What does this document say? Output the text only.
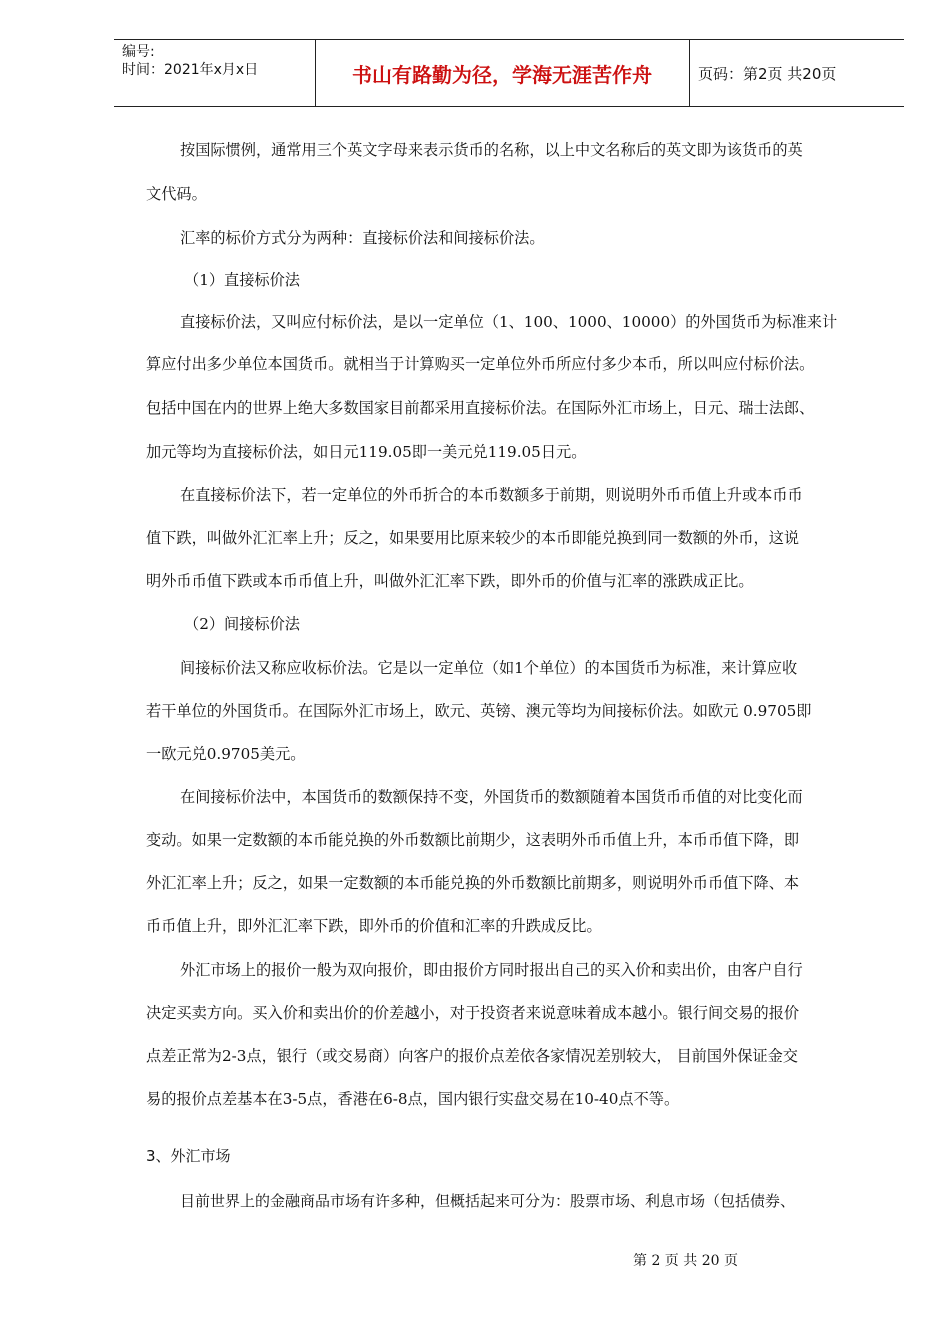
编号:
时间：2021年x月x日	书山有路勤为径，学海无涯苦作舟	页码：第2页 共20页
按国际惯例，通常用三个英文字母来表示货币的名称，以上中文名称后的英文即为该货币的英
文代码。
汇率的标价方式分为两种：直接标价法和间接标价法。
（1）直接标价法
直接标价法，又叫应付标价法，是以一定单位（1、100、1000、10000）的外国货币为标准来计
算应付出多少单位本国货币。就相当于计算购买一定单位外币所应付多少本币，所以叫应付标价法。
包括中国在内的世界上绝大多数国家目前都采用直接标价法。在国际外汇市场上，日元、瑞士法郎、
加元等均为直接标价法，如日元119.05即一美元兑119.05日元。
在直接标价法下，若一定单位的外币折合的本币数额多于前期，则说明外币币值上升或本币币
值下跌，叫做外汇汇率上升；反之，如果要用比原来较少的本币即能兑换到同一数额的外币，这说
明外币币值下跌或本币币值上升，叫做外汇汇率下跌，即外币的价值与汇率的涨跌成正比。
（2）间接标价法
间接标价法又称应收标价法。它是以一定单位（如1个单位）的本国货币为标准，来计算应收
若干单位的外国货币。在国际外汇市场上，欧元、英镑、澳元等均为间接标价法。如欧元 0.9705即
一欧元兑0.9705美元。
在间接标价法中，本国货币的数额保持不变，外国货币的数额随着本国货币币值的对比变化而
变动。如果一定数额的本币能兑换的外币数额比前期少，这表明外币币值上升，本币币值下降，即
外汇汇率上升；反之，如果一定数额的本币能兑换的外币数额比前期多，则说明外币币值下降、本
币币值上升，即外汇汇率下跌，即外币的价值和汇率的升跌成反比。
外汇市场上的报价一般为双向报价，即由报价方同时报出自己的买入价和卖出价，由客户自行
决定买卖方向。买入价和卖出价的价差越小，对于投资者来说意味着成本越小。银行间交易的报价
点差正常为2-3点，银行（或交易商）向客户的报价点差依各家情况差别较大， 目前国外保证金交
易的报价点差基本在3-5点，香港在6-8点，国内银行实盘交易在10-40点不等。
3、外汇市场
目前世界上的金融商品市场有许多种，但概括起来可分为：股票市场、利息市场（包括债券、
第 2 页 共 20 页
